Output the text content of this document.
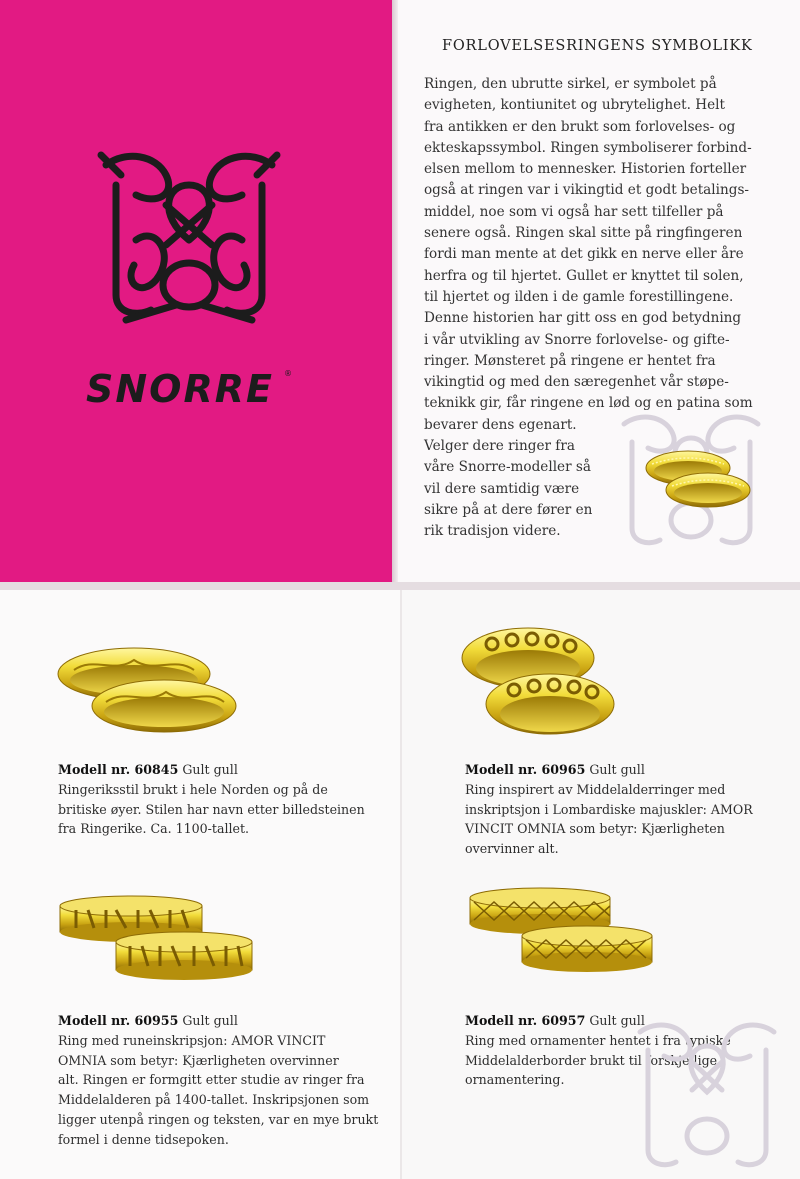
SNORRE ®
FORLOVELSESRINGENS SYMBOLIKK
Ringen, den ubrutte sirkel, er symbolet på
evigheten, kontiunitet og ubrytelighet. Helt
fra antikken er den brukt som forlovelses- og
ekteskapssymbol. Ringen symboliserer forbind-
elsen mellom to mennesker. Historien forteller
også at ringen var i vikingtid et godt betalings-
middel, noe som vi også har sett tilfeller på
senere også. Ringen skal sitte på ringfingeren
fordi man mente at det gikk en nerve eller åre
herfra og til hjertet. Gullet er knyttet til solen,
til hjertet og ilden i de gamle forestillingene.
Denne historien har gitt oss en god betydning
i vår utvikling av Snorre forlovelse- og gifte-
ringer. Mønsteret på ringene er hentet fra
vikingtid og med den særegenhet vår støpe-
teknikk gir, får ringene en lød og en patina som
bevarer dens egenart.
Velger dere ringer fra
våre Snorre-modeller så
vil dere samtidig være
sikre på at dere fører en
rik tradisjon videre.
Modell nr. 60845 Gult gull
Ringeriksstil brukt i hele Norden og på de
britiske øyer. Stilen har navn etter billedsteinen
fra Ringerike. Ca. 1100-tallet.
Modell nr. 60955 Gult gull
Ring med runeinskripsjon: AMOR VINCIT
OMNIA som betyr: Kjærligheten overvinner
alt. Ringen er formgitt etter studie av ringer fra
Middelalderen på 1400-tallet. Inskripsjonen som
ligger utenpå ringen og teksten, var en mye brukt
formel i denne tidsepoken.
Modell nr. 60965 Gult gull
Ring inspirert av Middelalderringer med
inskriptsjon i Lombardiske majuskler: AMOR
VINCIT OMNIA som betyr: Kjærligheten
overvinner alt.
Modell nr. 60957 Gult gull
Ring med ornamenter hentet i fra typiske
Middelalderborder brukt til forskjellige
ornamentering.
